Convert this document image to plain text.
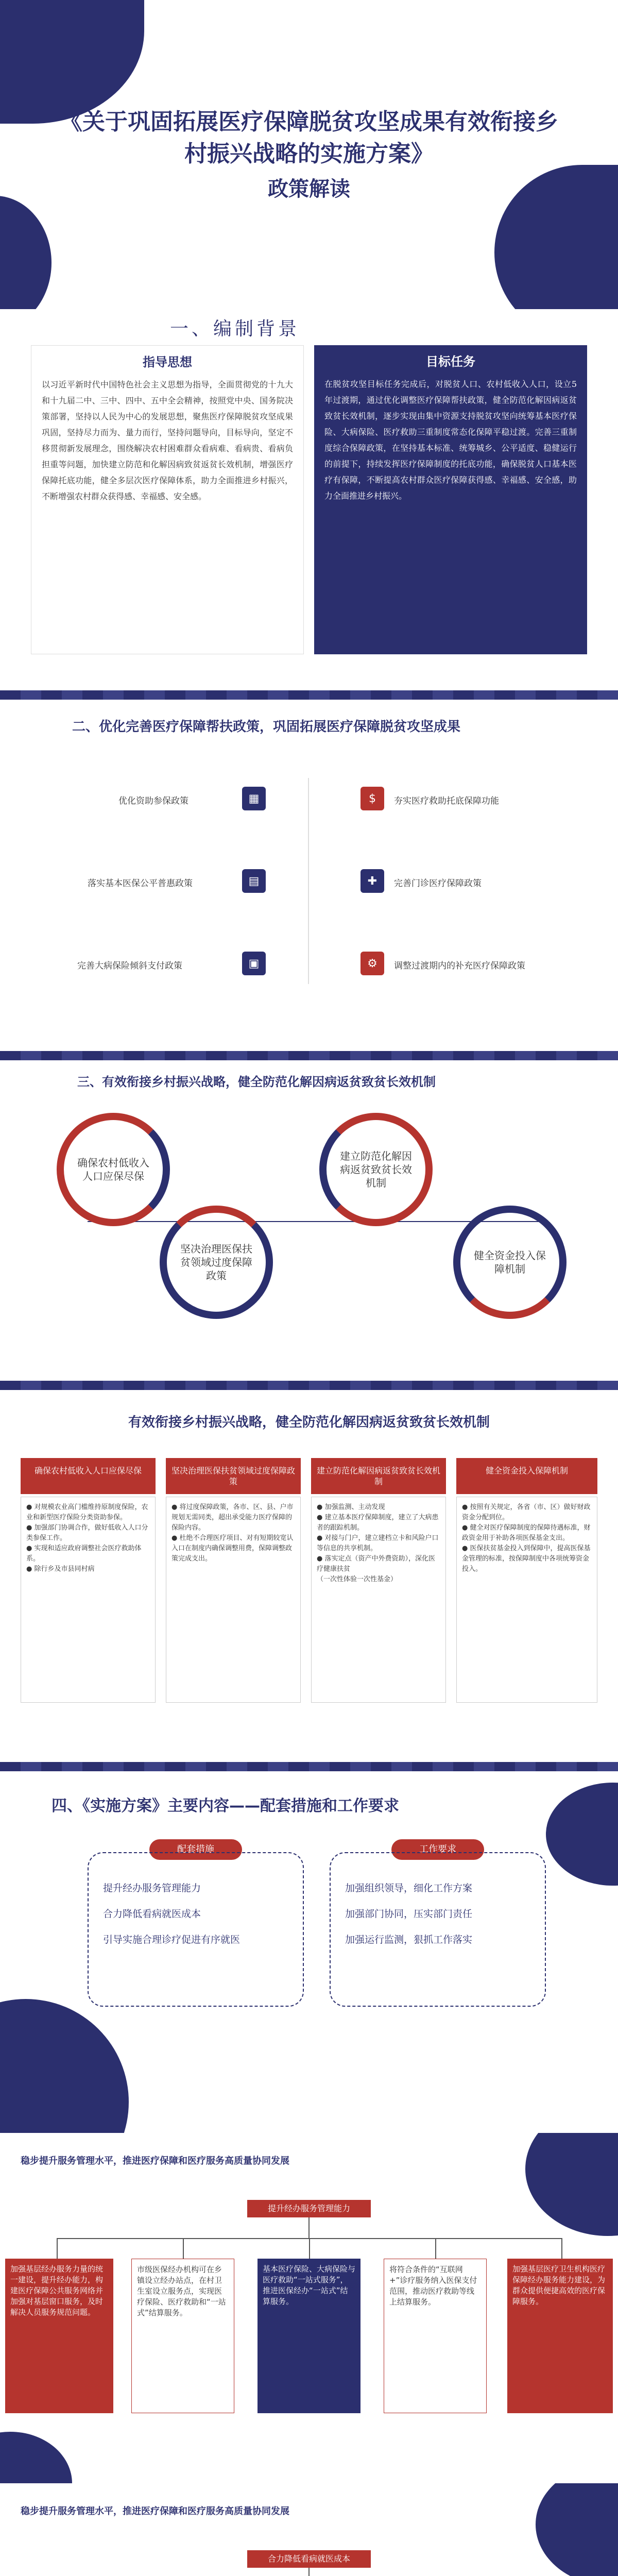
《关于巩固拓展医疗保障脱贫攻坚成果有效衔接乡
村振兴战略的实施方案》
政策解读
一、编制背景
指导思想
以习近平新时代中国特色社会主义思想为指导，全面贯彻党的十九大和十九届二中、三中、四中、五中全会精神，按照党中央、国务院决策部署，坚持以人民为中心的发展思想，聚焦医疗保障脱贫攻坚成果巩固，坚持尽力而为、量力而行，坚持问题导向，目标导向，坚定不移贯彻新发展理念，围绕解决农村困难群众看病难、看病贵、看病负担重等问题，加快建立防范和化解因病致贫返贫长效机制，增强医疗保障托底功能，健全多层次医疗保障体系，助力全面推进乡村振兴，不断增强农村群众获得感、幸福感、安全感。
目标任务
在脱贫攻坚目标任务完成后，对脱贫人口、农村低收入人口，设立5年过渡期，通过优化调整医疗保障帮扶政策，健全防范化解因病返贫致贫长效机制，逐步实现由集中资源支持脱贫攻坚向统筹基本医疗保险、大病保险、医疗救助三重制度常态化保障平稳过渡。完善三重制度综合保障政策，在坚持基本标准、统筹城乡、公平适度、稳健运行的前提下，持续发挥医疗保障制度的托底功能，确保脱贫人口基本医疗有保障，不断提高农村群众医疗保障获得感、幸福感、安全感，助力全面推进乡村振兴。
二、优化完善医疗保障帮扶政策，巩固拓展医疗保障脱贫攻坚成果
优化资助参保政策	▦
落实基本医保公平普惠政策	▤
完善大病保险倾斜支付政策	▣
$	夯实医疗救助托底保障功能
✚	完善门诊医疗保障政策
⚙	调整过渡期内的补充医疗保障政策
三、有效衔接乡村振兴战略，健全防范化解因病返贫致贫长效机制
确保农村低收入人口应保尽保
坚决治理医保扶贫领域过度保障政策
建立防范化解因病返贫致贫长效机制
健全资金投入保障机制
有效衔接乡村振兴战略，健全防范化解因病返贫致贫长效机制
确保农村低收入人口应保尽保
● 对规模农业高门槛维持原制度保险，农业和新型医疗保险分类资助参保。
● 加强部门协调合作，做好低收入人口分类参保工作。
● 实现和适应政府调整社会医疗救助体系。
● 除行乡及市县同村病
坚决治理医保扶贫领域过度保障政策
● 将过度保障政策，各市、区、县、户市规划无需同类，超出承受能力医疗保障的保险内容。
● 杜绝不合理医疗项目、对有短期较宽认入口在制度内确保调整用费，保障调整政策完成支出。
建立防范化解因病返贫致贫长效机制
● 加强监测、主动发现
● 建立基本医疗保障制度，建立了大病患者的跟踪机制。
● 对接与门户，建立建档立卡和风险户口等信息的共享机制。
● 落实定点（资产中外费资助），深化医疗健康扶贫
（一次性体验一次性基金）
健全资金投入保障机制
● 按照有关规定，各省（市、区）做好财政资金分配到位。
● 健全对医疗保障制度的保障待遇标准，财政资金用于补助各项医保基金支出。
● 医保扶贫基金投入到保障中，提高医保基金管理的标准，按保障制度中各项统筹资金投入。
四、《实施方案》主要内容——配套措施和工作要求
配套措施
提升经办服务管理能力
合力降低看病就医成本
引导实施合理诊疗促进有序就医
工作要求
加强组织领导，细化工作方案
加强部门协同，压实部门责任
加强运行监测，狠抓工作落实
稳步提升服务管理水平，推进医疗保障和医疗服务高质量协同发展
提升经办服务管理能力
加强基层经办服务力量的统一建设，提升经办能力，构建医疗保障公共服务网络并加强对基层窗口服务，及时解决人员服务规范问题。
市级医保经办机构可在乡镇设立经办站点，在村卫生室设立服务点，实现医疗保险、医疗救助和“一站式”结算服务。
基本医疗保险、大病保险与医疗救助“一站式服务”，推进医保经办“一站式”结算服务。
将符合条件的“互联网+”诊疗服务纳入医保支付范围，推动医疗救助等线上结算服务。
加强基层医疗卫生机构医疗保障经办服务能力建设，为群众提供便捷高效的医疗保障服务。
稳步提升服务管理水平，推进医疗保障和医疗服务高质量协同发展
合力降低看病就医成本
